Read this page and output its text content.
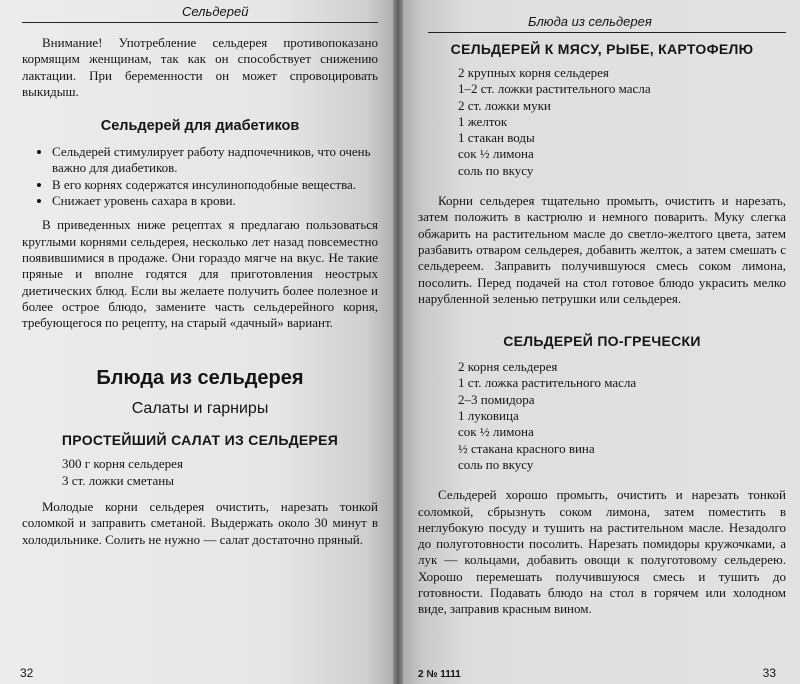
Сельдерей

Внимание! Употребление сельдерея противопоказано кормящим женщинам, так как он способствует снижению лактации. При беременности он может спровоцировать выкидыш.

Сельдерей для диабетиков
• Сельдерей стимулирует работу надпочечников, что очень важно для диабетиков.
• В его корнях содержатся инсулиноподобные вещества.
• Снижает уровень сахара в крови.

В приведенных ниже рецептах я предлагаю пользоваться круглыми корнями сельдерея, несколько лет назад повсеместно появившимися в продаже. Они гораздо мягче на вкус. Не такие пряные и вполне годятся для приготовления неострых диетических блюд. Если вы желаете получить более полезное и более острое блюдо, замените часть сельдерейного корня, требующегося по рецепту, на старый «дачный» вариант.

Блюда из сельдерея
Салаты и гарниры
ПРОСТЕЙШИЙ САЛАТ ИЗ СЕЛЬДЕРЕЯ
300 г корня сельдерея
3 ст. ложки сметаны

Молодые корни сельдерея очистить, нарезать тонкой соломкой и заправить сметаной. Выдержать около 30 минут в холодильнике. Солить не нужно — салат достаточно пряный.

32
Блюда из сельдерея
СЕЛЬДЕРЕЙ К МЯСУ, РЫБЕ, КАРТОФЕЛЮ
2 крупных корня сельдерея
1–2 ст. ложки растительного масла
2 ст. ложки муки
1 желток
1 стакан воды
сок ½ лимона
соль по вкусу

Корни сельдерея тщательно промыть, очистить и нарезать, затем положить в кастрюлю и немного поварить. Муку слегка обжарить на растительном масле до светло-желтого цвета, затем разбавить отваром сельдерея, добавить желток, а затем смешать с сельдереем. Заправить получившуюся смесь соком лимона, посолить. Перед подачей на стол готовое блюдо украсить мелко нарубленной зеленью петрушки или сельдерея.

СЕЛЬДЕРЕЙ ПО-ГРЕЧЕСКИ
2 корня сельдерея
1 ст. ложка растительного масла
2–3 помидора
1 луковица
сок ½ лимона
½ стакана красного вина
соль по вкусу

Сельдерей хорошо промыть, очистить и нарезать тонкой соломкой, сбрызнуть соком лимона, затем поместить в неглубокую посуду и тушить на растительном масле. Незадолго до полуготовности посолить. Нарезать помидоры кружочками, а лук — кольцами, добавить овощи к полуготовому сельдерею. Хорошо перемешать получившуюся смесь и тушить до готовности. Подавать блюдо на стол в горячем или холодном виде, заправив красным вином.

2 № 1111	33
